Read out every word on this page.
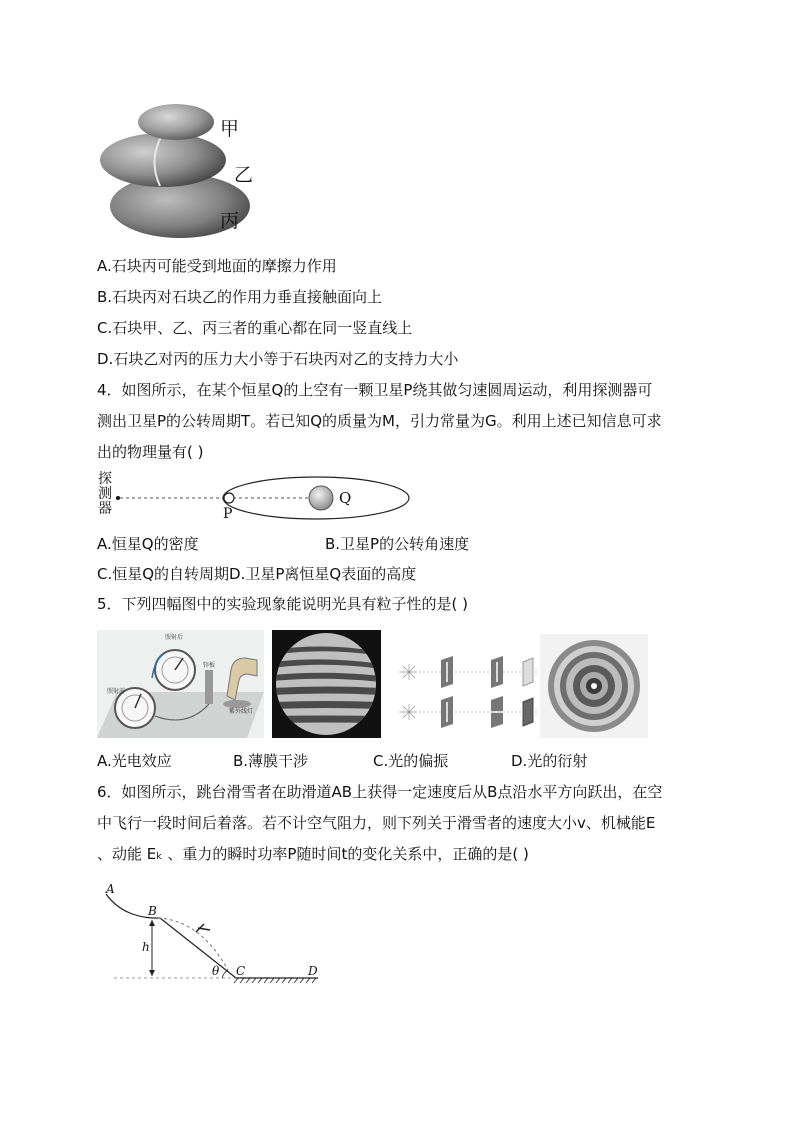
甲
乙
丙
A.石块丙可能受到地面的摩擦力作用
B.石块丙对石块乙的作用力垂直接触面向上
C.石块甲、乙、丙三者的重心都在同一竖直线上
D.石块乙对丙的压力大小等于石块丙对乙的支持力大小
4．如图所示，在某个恒星Q的上空有一颗卫星P绕其做匀速圆周运动，利用探测器可
测出卫星P的公转周期T。若已知Q的质量为M，引力常量为G。利用上述已知信息可求
出的物理量有( )
探测器	P
Q
A.恒星Q的密度	B.卫星P的公转角速度
C.恒星Q的自转周期D.卫星P离恒星Q表面的高度
5．下列四幅图中的实验现象能说明光具有粒子性的是( )
照射后
照射前
锌板
紫外线灯
A.光电效应	B.薄膜干涉	C.光的偏振	D.光的衍射
6．如图所示，跳台滑雪者在助滑道AB上获得一定速度后从B点沿水平方向跃出，在空
中飞行一段时间后着落。若不计空气阻力，则下列关于滑雪者的速度大小v、机械能E
、动能 Eₖ 、重力的瞬时功率P随时间t的变化关系中，正确的是( )
A
B
C	D
h
θ
